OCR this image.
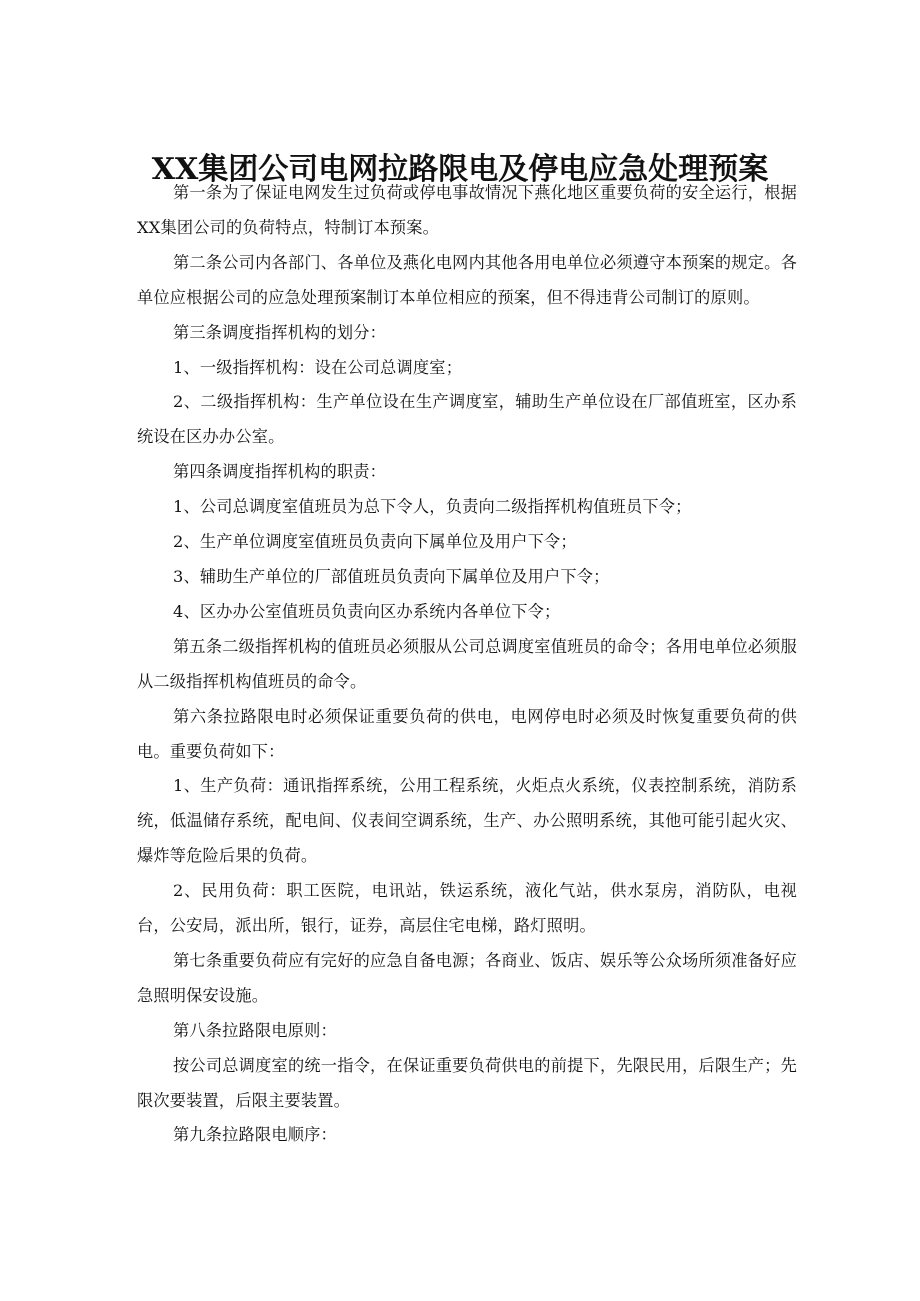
XX集团公司电网拉路限电及停电应急处理预案

第一条为了保证电网发生过负荷或停电事故情况下燕化地区重要负荷的安全运行，根据XX集团公司的负荷特点，特制订本预案。

第二条公司内各部门、各单位及燕化电网内其他各用电单位必须遵守本预案的规定。各单位应根据公司的应急处理预案制订本单位相应的预案，但不得违背公司制订的原则。

第三条调度指挥机构的划分：

1、一级指挥机构：设在公司总调度室；

2、二级指挥机构：生产单位设在生产调度室，辅助生产单位设在厂部值班室，区办系统设在区办办公室。

第四条调度指挥机构的职责：

1、公司总调度室值班员为总下令人，负责向二级指挥机构值班员下令；

2、生产单位调度室值班员负责向下属单位及用户下令；

3、辅助生产单位的厂部值班员负责向下属单位及用户下令；

4、区办办公室值班员负责向区办系统内各单位下令；

第五条二级指挥机构的值班员必须服从公司总调度室值班员的命令；各用电单位必须服从二级指挥机构值班员的命令。

第六条拉路限电时必须保证重要负荷的供电，电网停电时必须及时恢复重要负荷的供电。重要负荷如下：

1、生产负荷：通讯指挥系统，公用工程系统，火炬点火系统，仪表控制系统，消防系统，低温储存系统，配电间、仪表间空调系统，生产、办公照明系统，其他可能引起火灾、爆炸等危险后果的负荷。

2、民用负荷：职工医院，电讯站，铁运系统，液化气站，供水泵房，消防队，电视台，公安局，派出所，银行，证券，高层住宅电梯，路灯照明。

第七条重要负荷应有完好的应急自备电源；各商业、饭店、娱乐等公众场所须准备好应急照明保安设施。

第八条拉路限电原则：

按公司总调度室的统一指令，在保证重要负荷供电的前提下，先限民用，后限生产；先限次要装置，后限主要装置。

第九条拉路限电顺序：
